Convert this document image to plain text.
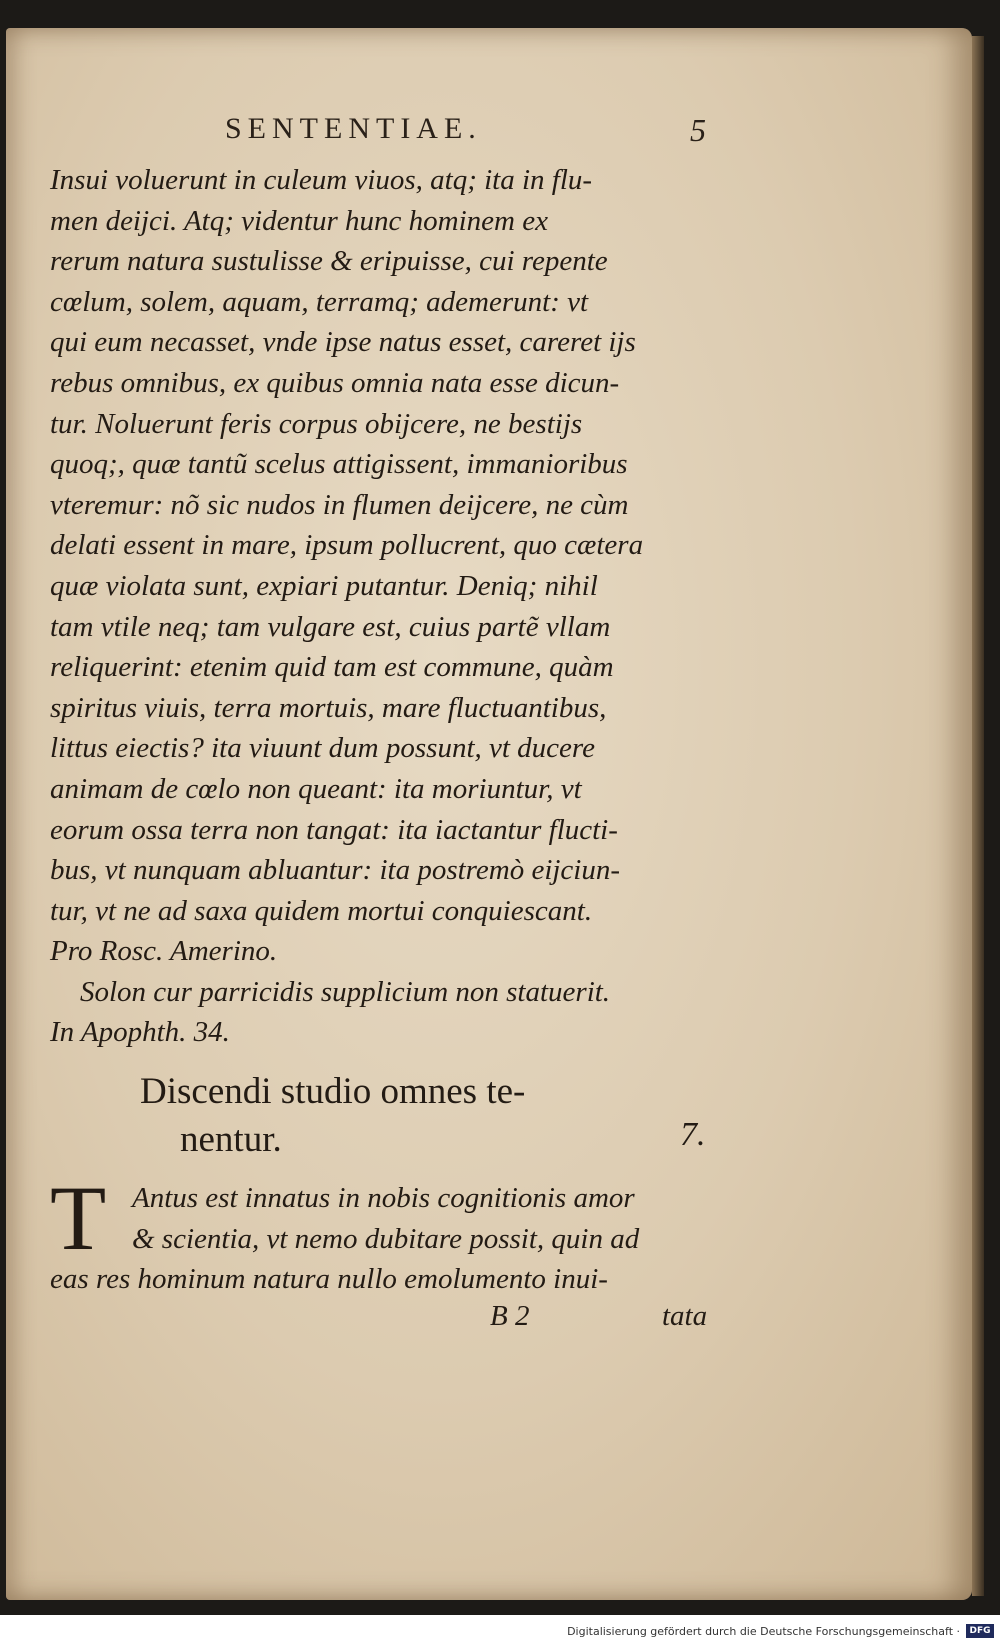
SENTENTIAE.	5
Insui voluerunt in culeum viuos, atq; ita in flu-
men deijci. Atq; videntur hunc hominem ex
rerum natura sustulisse & eripuisse, cui repente
cœlum, solem, aquam, terramq; ademerunt: vt
qui eum necasset, vnde ipse natus esset, careret ijs
rebus omnibus, ex quibus omnia nata esse dicun-
tur. Noluerunt feris corpus obijcere, ne bestijs
quoq;, quæ tantũ scelus attigissent, immanioribus
vteremur: nõ sic nudos in flumen deijcere, ne cùm
delati essent in mare, ipsum pollucrent, quo cætera
quæ violata sunt, expiari putantur. Deniq; nihil
tam vtile neq; tam vulgare est, cuius partẽ vllam
reliquerint: etenim quid tam est commune, quàm
spiritus viuis, terra mortuis, mare fluctuantibus,
littus eiectis? ita viuunt dum possunt, vt ducere
animam de cœlo non queant: ita moriuntur, vt
eorum ossa terra non tangat: ita iactantur flucti-
bus, vt nunquam abluantur: ita postremò eijciun-
tur, vt ne ad saxa quidem mortui conquiescant.
Pro Rosc. Amerino.
Solon cur parricidis supplicium non statuerit.
In Apophth. 34.
Discendi studio omnes te-
nentur.	7.
T Antus est innatus in nobis cognitionis amor
& scientia, vt nemo dubitare possit, quin ad
eas res hominum natura nullo emolumento inui-
B 2	tata
Digitalisierung gefördert durch die Deutsche Forschungsgemeinschaft ·	DFG
